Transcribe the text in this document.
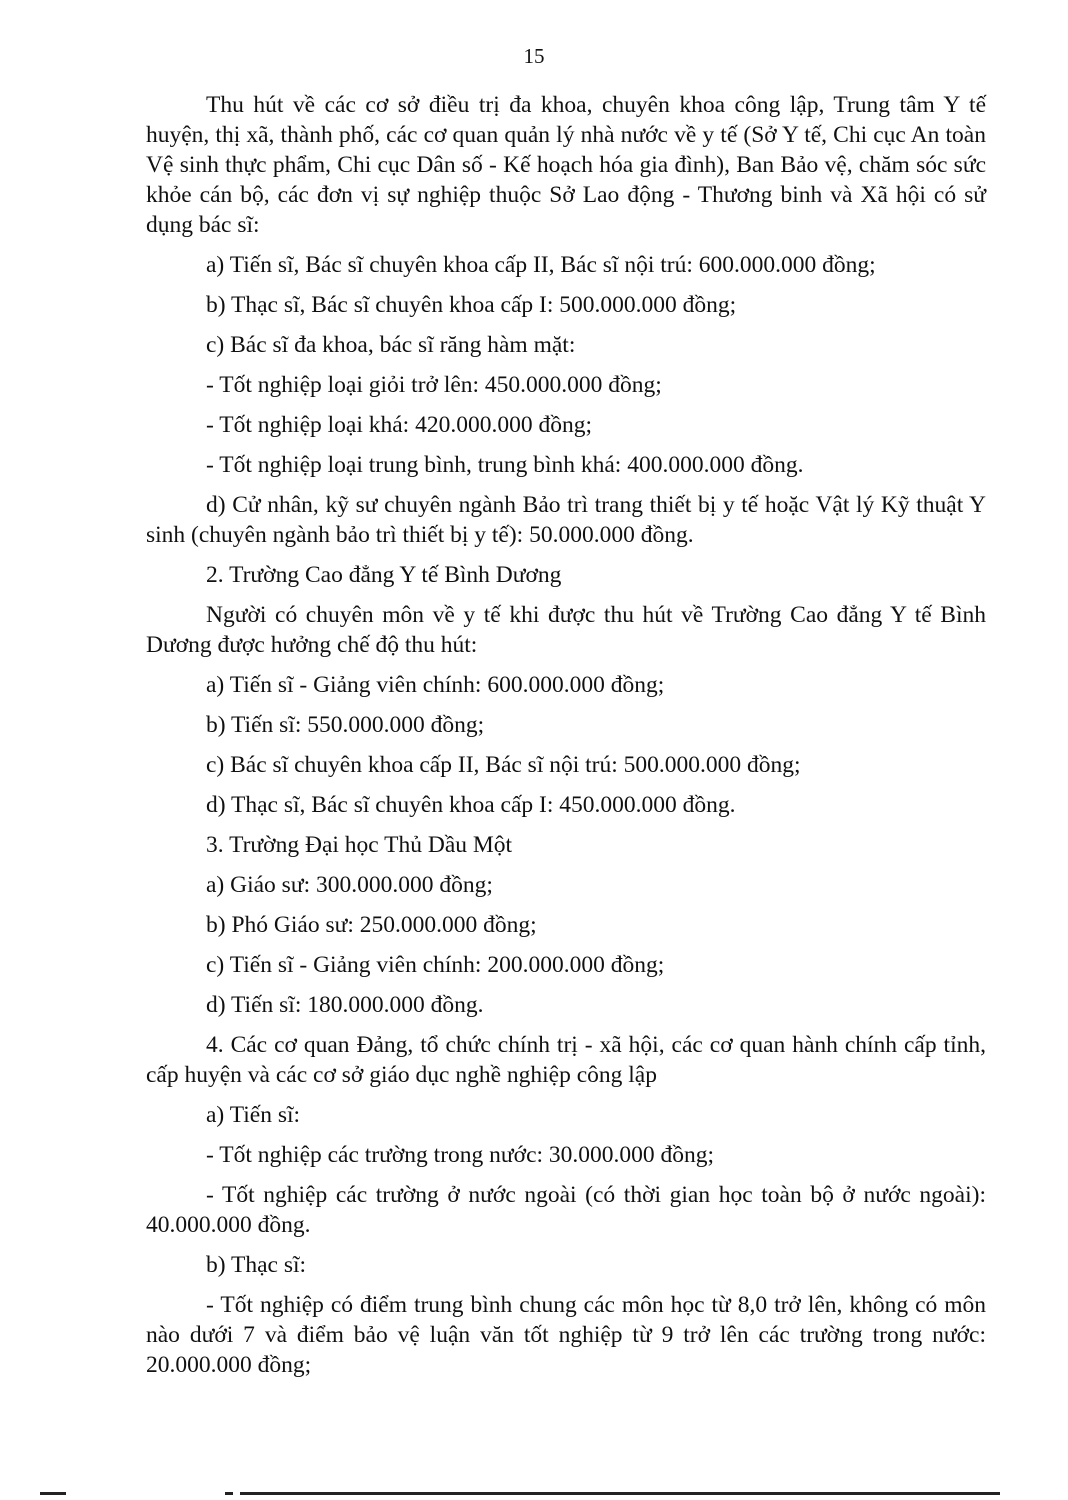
15

Thu hút về các cơ sở điều trị đa khoa, chuyên khoa công lập, Trung tâm Y tế huyện, thị xã, thành phố, các cơ quan quản lý nhà nước về y tế (Sở Y tế, Chi cục An toàn Vệ sinh thực phẩm, Chi cục Dân số - Kế hoạch hóa gia đình), Ban Bảo vệ, chăm sóc sức khỏe cán bộ, các đơn vị sự nghiệp thuộc Sở Lao động - Thương binh và Xã hội có sử dụng bác sĩ:

a) Tiến sĩ, Bác sĩ chuyên khoa cấp II, Bác sĩ nội trú: 600.000.000 đồng;

b) Thạc sĩ, Bác sĩ chuyên khoa cấp I: 500.000.000 đồng;

c) Bác sĩ đa khoa, bác sĩ răng hàm mặt:

- Tốt nghiệp loại giỏi trở lên: 450.000.000 đồng;

- Tốt nghiệp loại khá: 420.000.000 đồng;

- Tốt nghiệp loại trung bình, trung bình khá: 400.000.000 đồng.

d) Cử nhân, kỹ sư chuyên ngành Bảo trì trang thiết bị y tế hoặc Vật lý Kỹ thuật Y sinh (chuyên ngành bảo trì thiết bị y tế): 50.000.000 đồng.

2. Trường Cao đẳng Y tế Bình Dương

Người có chuyên môn về y tế khi được thu hút về Trường Cao đẳng Y tế Bình Dương được hưởng chế độ thu hút:

a) Tiến sĩ - Giảng viên chính: 600.000.000 đồng;

b) Tiến sĩ: 550.000.000 đồng;

c) Bác sĩ chuyên khoa cấp II, Bác sĩ nội trú: 500.000.000 đồng;

d) Thạc sĩ, Bác sĩ chuyên khoa cấp I: 450.000.000 đồng.

3. Trường Đại học Thủ Dầu Một

a) Giáo sư: 300.000.000 đồng;

b) Phó Giáo sư: 250.000.000 đồng;

c) Tiến sĩ - Giảng viên chính: 200.000.000 đồng;

d) Tiến sĩ: 180.000.000 đồng.

4. Các cơ quan Đảng, tổ chức chính trị - xã hội, các cơ quan hành chính cấp tỉnh, cấp huyện và các cơ sở giáo dục nghề nghiệp công lập

a) Tiến sĩ:

- Tốt nghiệp các trường trong nước: 30.000.000 đồng;

- Tốt nghiệp các trường ở nước ngoài (có thời gian học toàn bộ ở nước ngoài): 40.000.000 đồng.

b) Thạc sĩ:

- Tốt nghiệp có điểm trung bình chung các môn học từ 8,0 trở lên, không có môn nào dưới 7 và điểm bảo vệ luận văn tốt nghiệp từ 9 trở lên các trường trong nước: 20.000.000 đồng;
